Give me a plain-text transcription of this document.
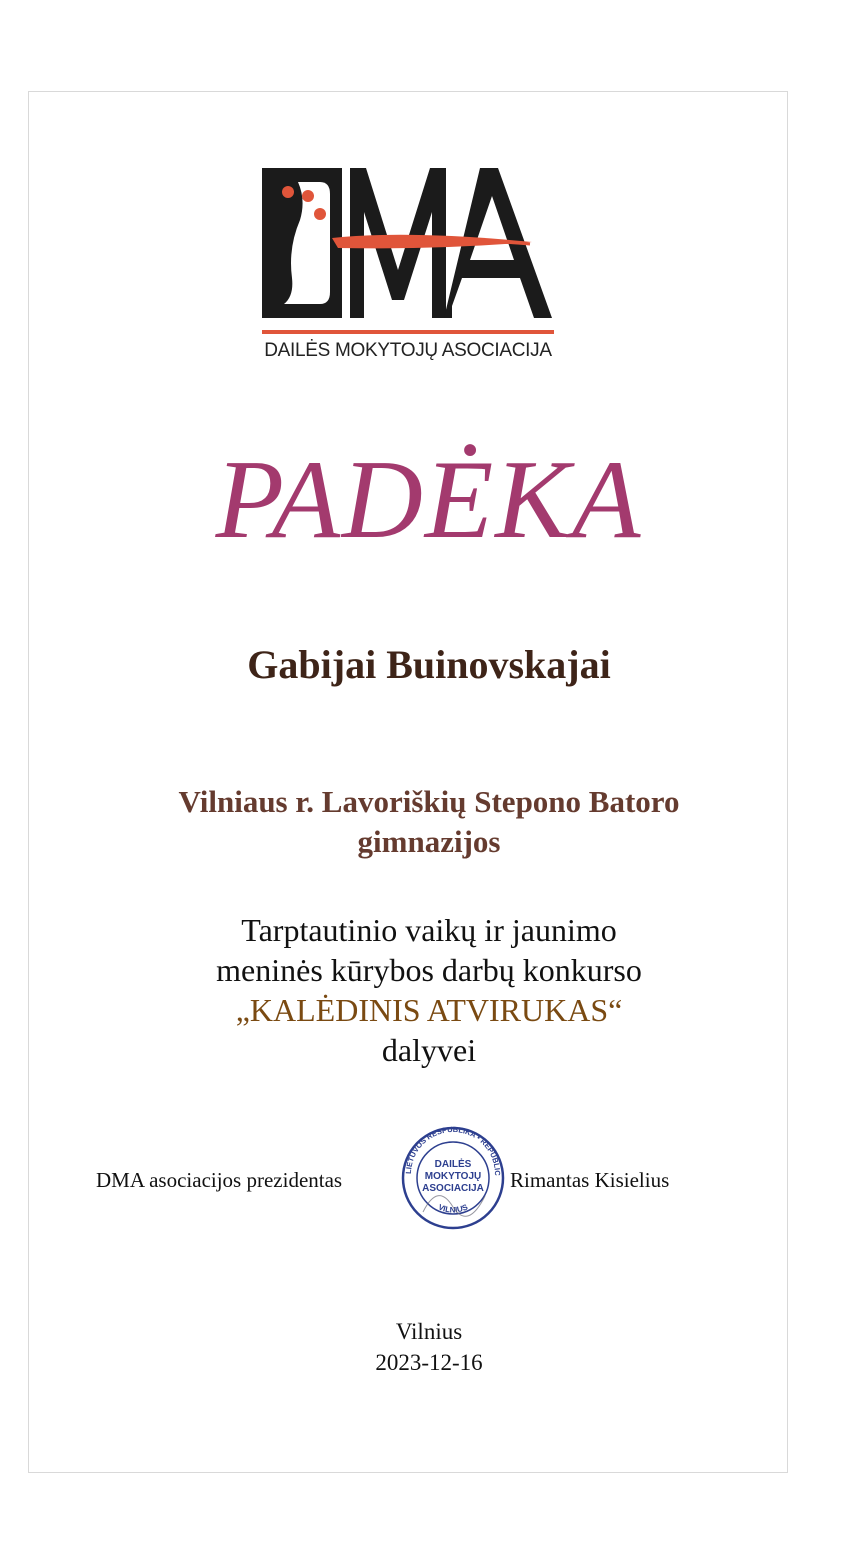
DAILĖS MOKYTOJŲ ASOCIACIJA
PADĖKA
Gabijai Buinovskajai
Vilniaus r. Lavoriškių Stepono Batoro
gimnazijos
Tarptautinio vaikų ir jaunimo
meninės kūrybos darbų konkurso
„KALĖDINIS ATVIRUKAS“
dalyvei
DMA asociacijos prezidentas	LIETUVOS RESPUBLIKA • REPUBLIC
VILNIUS
DAILĖS
MOKYTOJŲ
ASOCIACIJA Rimantas Kisielius
Vilnius
2023-12-16
